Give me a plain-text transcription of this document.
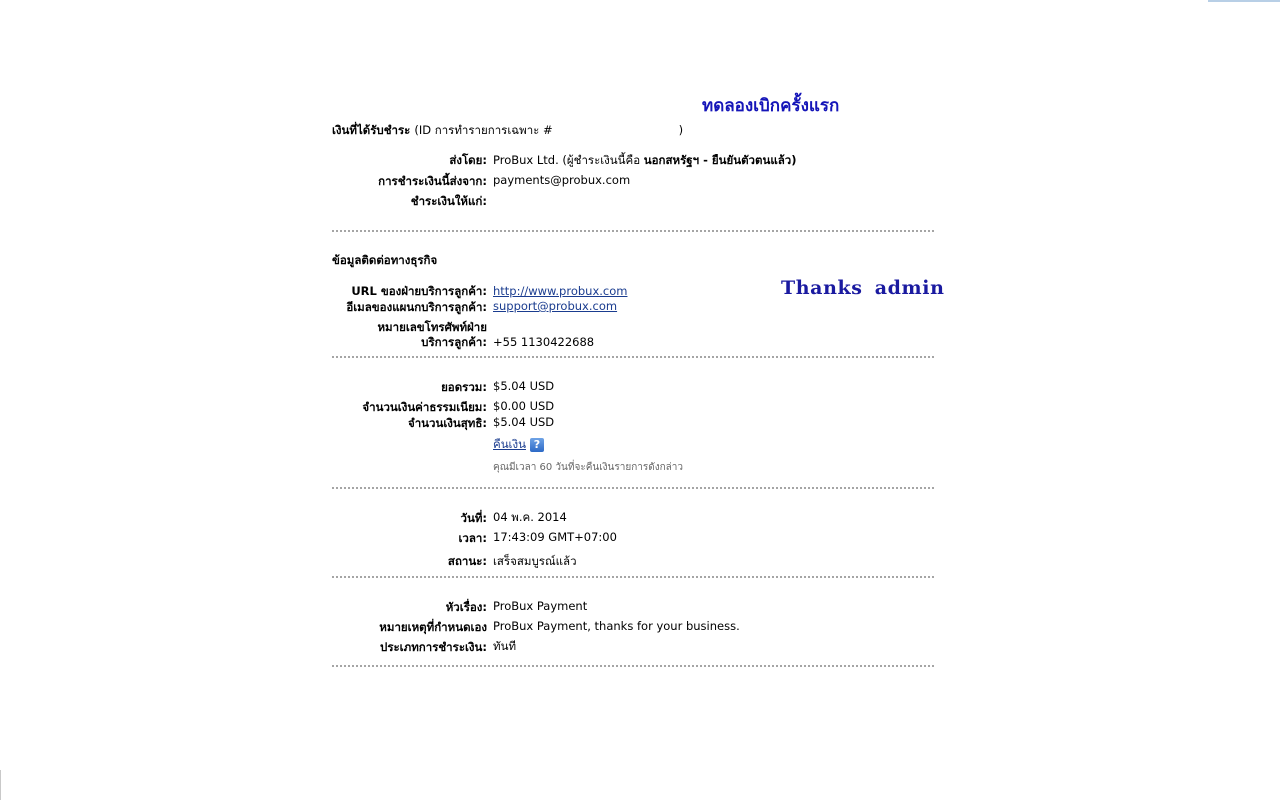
ทดลองเบิกครั้งแรก
เงินที่ได้รับชำระ (ID การทำรายการเฉพาะ #	)
ส่งโดย: ProBux Ltd. (ผู้ชำระเงินนี้คือ นอกสหรัฐฯ - ยืนยันตัวตนแล้ว)
การชำระเงินนี้ส่งจาก: payments@probux.com
ชำระเงินให้แก่:
ข้อมูลติดต่อทางธุรกิจ
URL ของฝ่ายบริการลูกค้า: http://www.probux.com
อีเมลของแผนกบริการลูกค้า: support@probux.com
หมายเลขโทรศัพท์ฝ่าย
บริการลูกค้า: +55 1130422688
ยอดรวม: $5.04 USD
จำนวนเงินค่าธรรมเนียม: $0.00 USD
จำนวนเงินสุทธิ: $5.04 USD
คืนเงิน ?
คุณมีเวลา 60 วันที่จะคืนเงินรายการดังกล่าว
วันที่: 04 พ.ค. 2014
เวลา: 17:43:09 GMT+07:00
สถานะ: เสร็จสมบูรณ์แล้ว
หัวเรื่อง: ProBux Payment
หมายเหตุที่กำหนดเอง ProBux Payment, thanks for your business.
ประเภทการชำระเงิน: ทันที
Thanks admin
